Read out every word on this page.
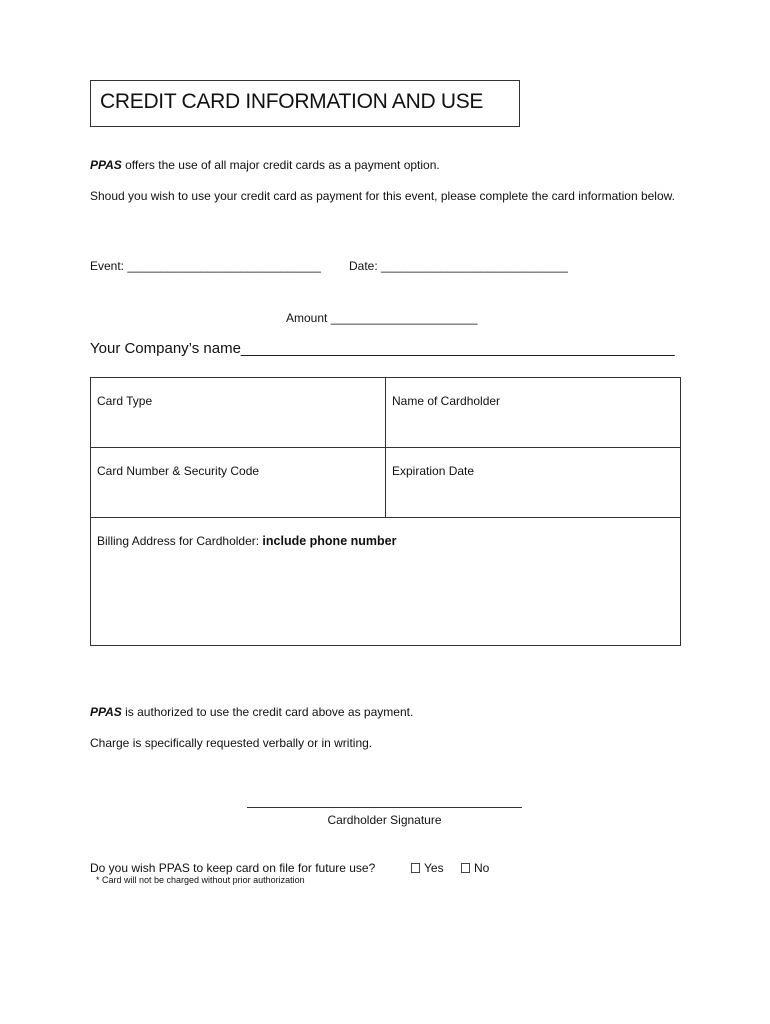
CREDIT CARD INFORMATION AND USE
PPAS offers the use of all major credit cards as a payment option.
Shoud you wish to use your credit card as payment for this event, please complete the card information below.
Event: _____________________________ Date: ____________________________
Amount ______________________
Your Company’s name____________________________________________________
Card Type	Name of Cardholder
Card Number & Security Code	Expiration Date
Billing Address for Cardholder: include phone number	
PPAS is authorized to use the credit card above as payment.
Charge is specifically requested verbally or in writing.
Cardholder Signature
Do you wish PPAS to keep card on file for future use?	Yes	No
* Card will not be charged without prior authorization
